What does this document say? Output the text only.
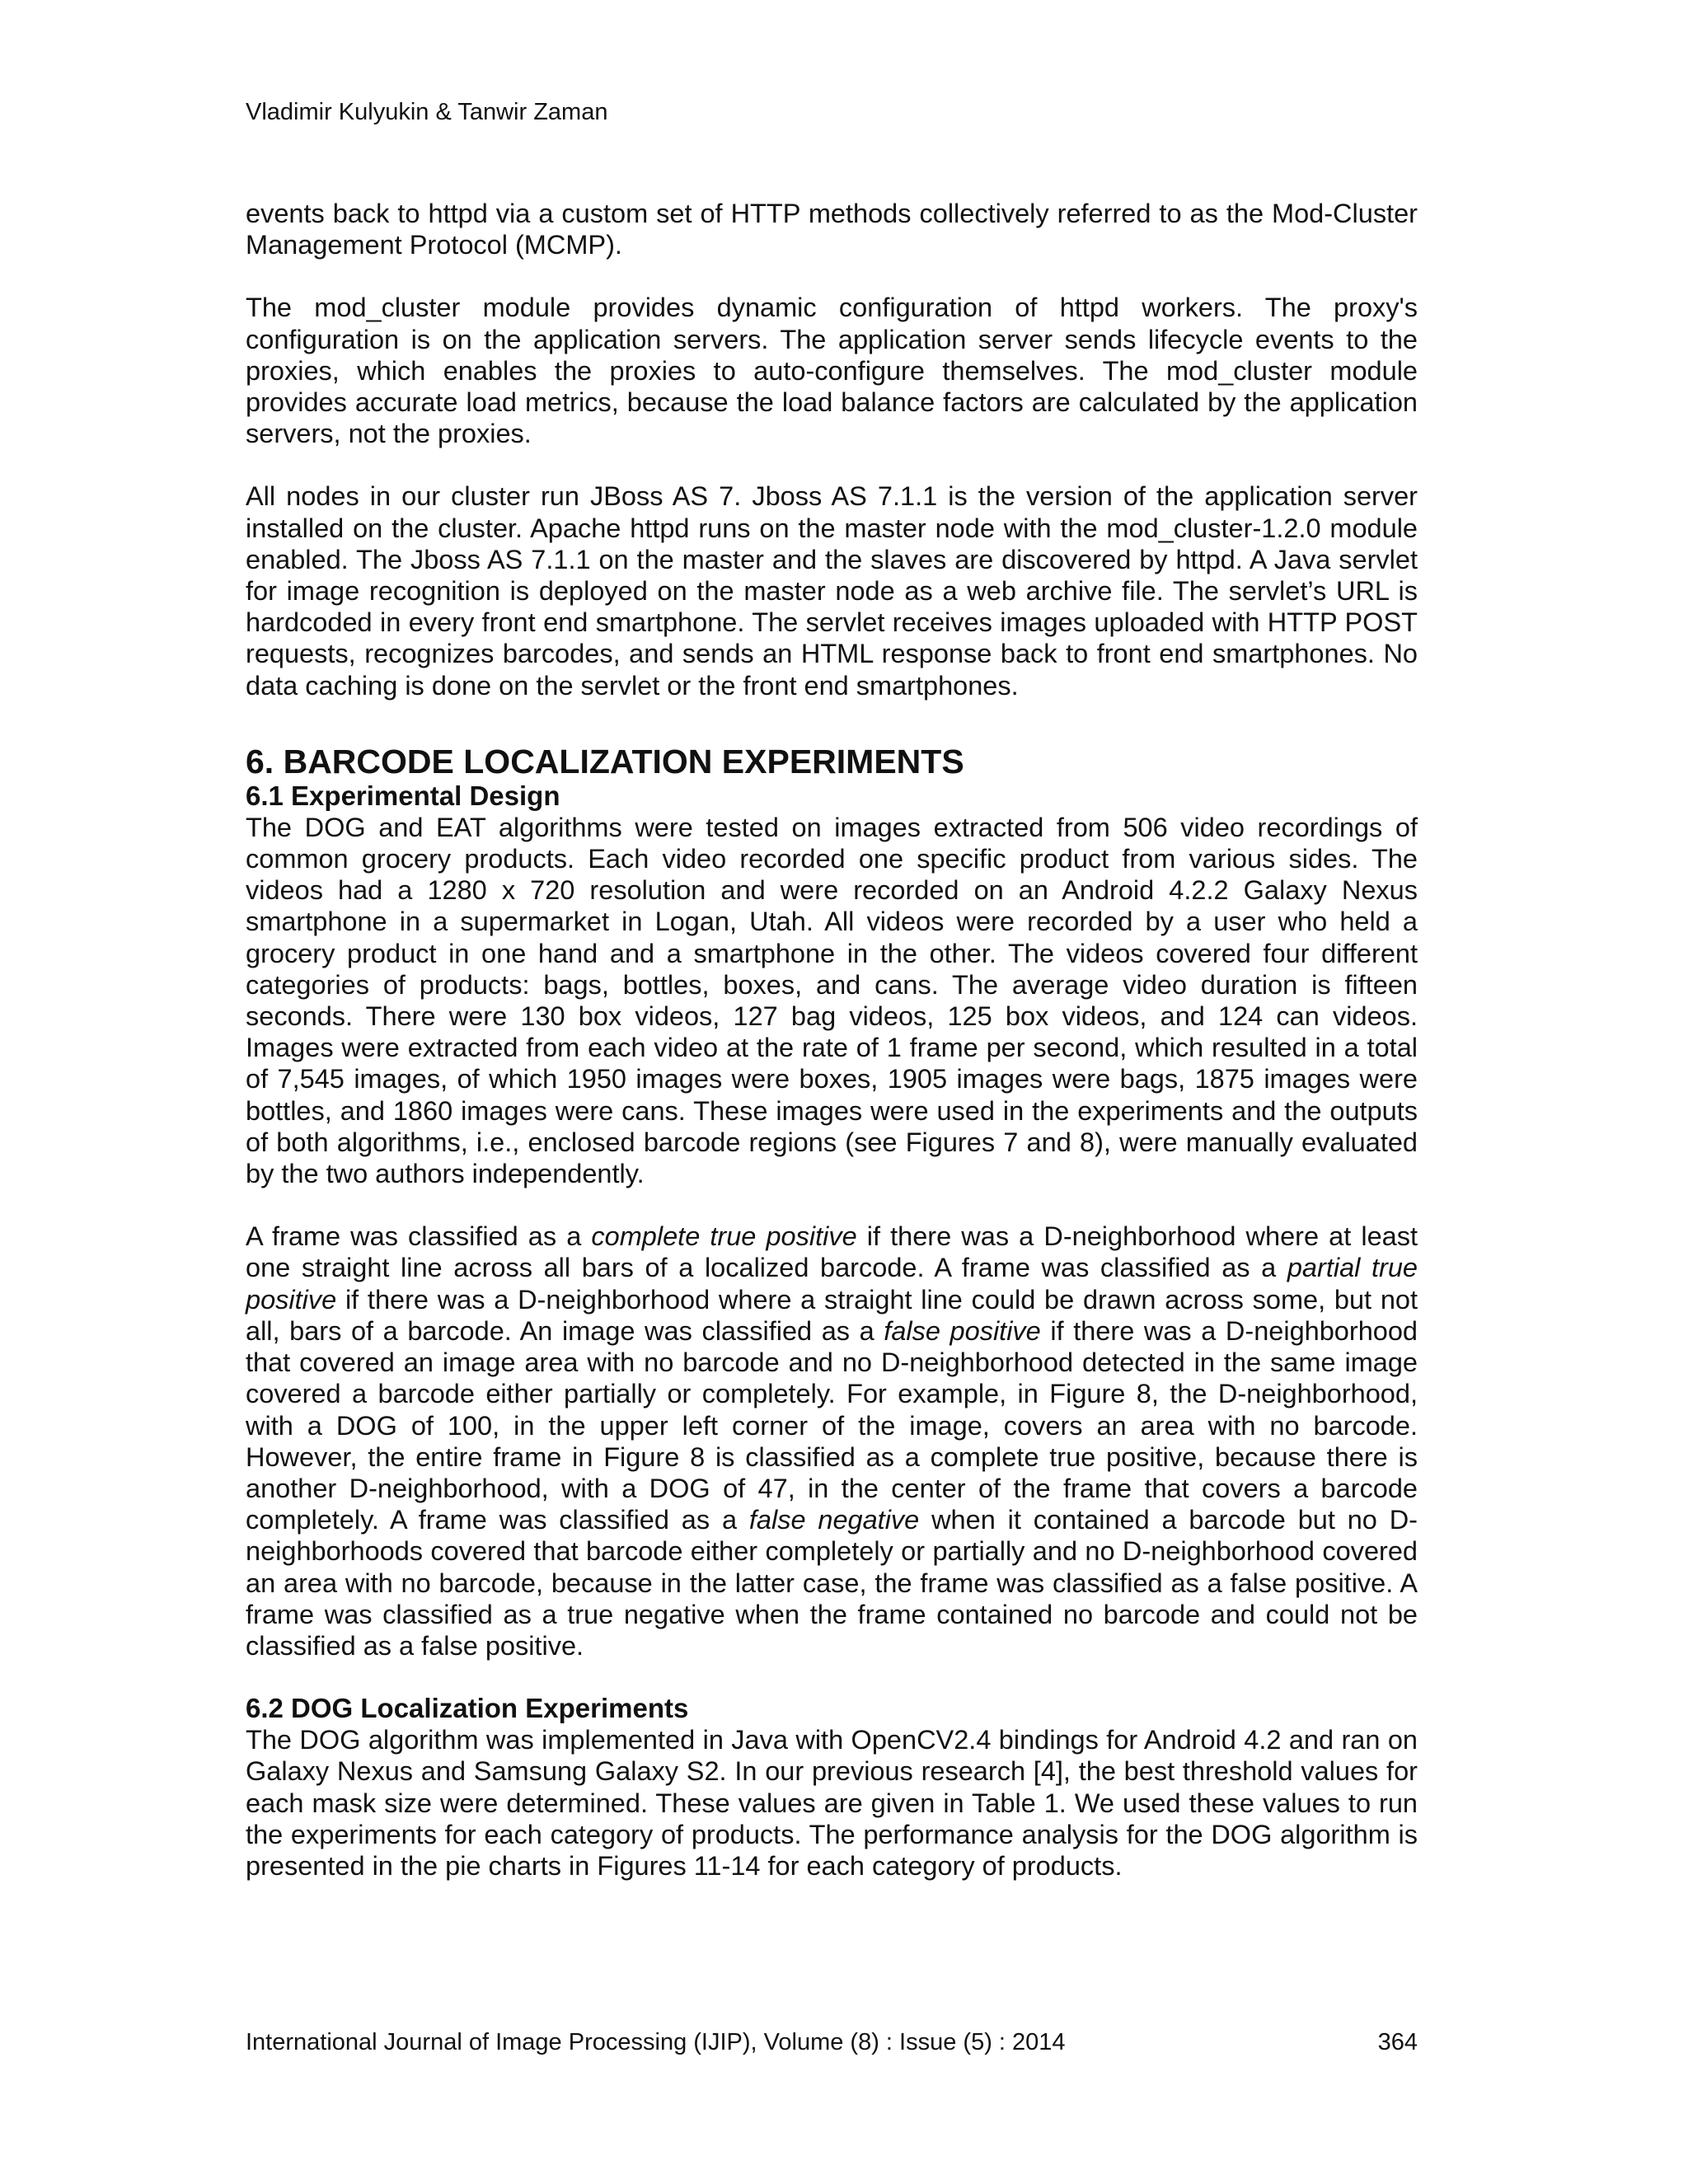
Vladimir Kulyukin & Tanwir Zaman

events back to httpd via a custom set of HTTP methods collectively referred to as the Mod-Cluster Management Protocol (MCMP).

The mod_cluster module provides dynamic configuration of httpd workers. The proxy's configuration is on the application servers. The application server sends lifecycle events to the proxies, which enables the proxies to auto-configure themselves. The mod_cluster module provides accurate load metrics, because the load balance factors are calculated by the application servers, not the proxies.

All nodes in our cluster run JBoss AS 7. Jboss AS 7.1.1 is the version of the application server installed on the cluster. Apache httpd runs on the master node with the mod_cluster-1.2.0 module enabled. The Jboss AS 7.1.1 on the master and the slaves are discovered by httpd. A Java servlet for image recognition is deployed on the master node as a web archive file. The servlet’s URL is hardcoded in every front end smartphone. The servlet receives images uploaded with HTTP POST requests, recognizes barcodes, and sends an HTML response back to front end smartphones. No data caching is done on the servlet or the front end smartphones.

6. BARCODE LOCALIZATION EXPERIMENTS
6.1 Experimental Design

The DOG and EAT algorithms were tested on images extracted from 506 video recordings of common grocery products. Each video recorded one specific product from various sides. The videos had a 1280 x 720 resolution and were recorded on an Android 4.2.2 Galaxy Nexus smartphone in a supermarket in Logan, Utah. All videos were recorded by a user who held a grocery product in one hand and a smartphone in the other. The videos covered four different categories of products: bags, bottles, boxes, and cans. The average video duration is fifteen seconds. There were 130 box videos, 127 bag videos, 125 box videos, and 124 can videos. Images were extracted from each video at the rate of 1 frame per second, which resulted in a total of 7,545 images, of which 1950 images were boxes, 1905 images were bags, 1875 images were bottles, and 1860 images were cans. These images were used in the experiments and the outputs of both algorithms, i.e., enclosed barcode regions (see Figures 7 and 8), were manually evaluated by the two authors independently.

A frame was classified as a complete true positive if there was a D-neighborhood where at least one straight line across all bars of a localized barcode. A frame was classified as a partial true positive if there was a D-neighborhood where a straight line could be drawn across some, but not all, bars of a barcode. An image was classified as a false positive if there was a D-neighborhood that covered an image area with no barcode and no D-neighborhood detected in the same image covered a barcode either partially or completely. For example, in Figure 8, the D-neighborhood, with a DOG of 100, in the upper left corner of the image, covers an area with no barcode. However, the entire frame in Figure 8 is classified as a complete true positive, because there is another D-neighborhood, with a DOG of 47, in the center of the frame that covers a barcode completely. A frame was classified as a false negative when it contained a barcode but no D-neighborhoods covered that barcode either completely or partially and no D-neighborhood covered an area with no barcode, because in the latter case, the frame was classified as a false positive. A frame was classified as a true negative when the frame contained no barcode and could not be classified as a false positive.

6.2 DOG Localization Experiments

The DOG algorithm was implemented in Java with OpenCV2.4 bindings for Android 4.2 and ran on Galaxy Nexus and Samsung Galaxy S2. In our previous research [4], the best threshold values for each mask size were determined. These values are given in Table 1. We used these values to run the experiments for each category of products. The performance analysis for the DOG algorithm is presented in the pie charts in Figures 11-14 for each category of products.

International Journal of Image Processing (IJIP), Volume (8) : Issue (5) : 2014	364
